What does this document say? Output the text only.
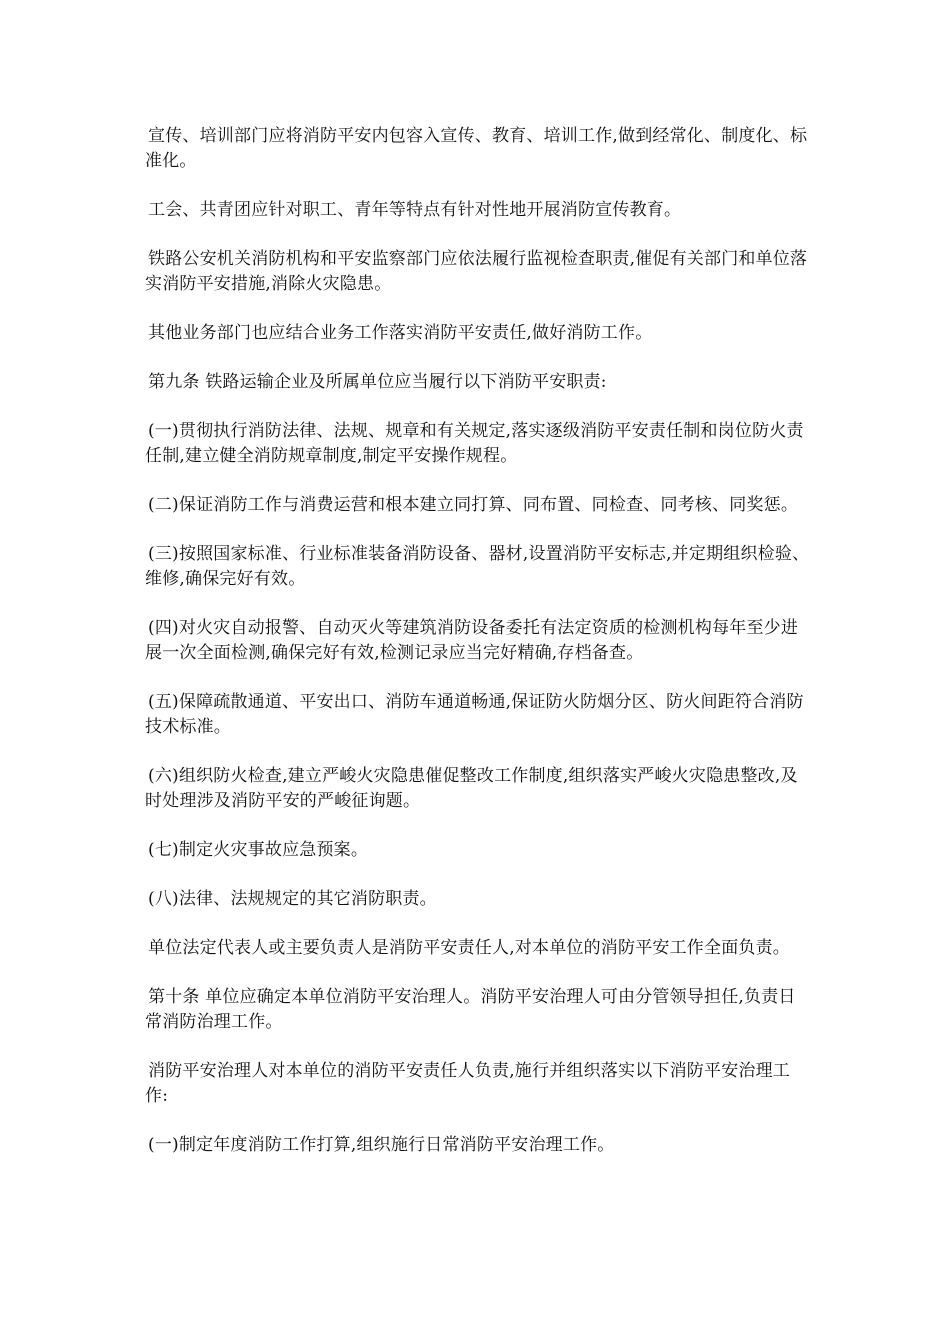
宣传、培训部门应将消防平安内包容入宣传、教育、培训工作,做到经常化、制度化、标准化。

工会、共青团应针对职工、青年等特点有针对性地开展消防宣传教育。

铁路公安机关消防机构和平安监察部门应依法履行监视检查职责,催促有关部门和单位落实消防平安措施,消除火灾隐患。

其他业务部门也应结合业务工作落实消防平安责任,做好消防工作。

第九条 铁路运输企业及所属单位应当履行以下消防平安职责:

(一)贯彻执行消防法律、法规、规章和有关规定,落实逐级消防平安责任制和岗位防火责任制,建立健全消防规章制度,制定平安操作规程。

(二)保证消防工作与消费运营和根本建立同打算、同布置、同检查、同考核、同奖惩。

(三)按照国家标准、行业标准装备消防设备、器材,设置消防平安标志,并定期组织检验、维修,确保完好有效。

(四)对火灾自动报警、自动灭火等建筑消防设备委托有法定资质的检测机构每年至少进展一次全面检测,确保完好有效,检测记录应当完好精确,存档备查。

(五)保障疏散通道、平安出口、消防车通道畅通,保证防火防烟分区、防火间距符合消防技术标准。

(六)组织防火检查,建立严峻火灾隐患催促整改工作制度,组织落实严峻火灾隐患整改,及时处理涉及消防平安的严峻征询题。

(七)制定火灾事故应急预案。

(八)法律、法规规定的其它消防职责。

单位法定代表人或主要负责人是消防平安责任人,对本单位的消防平安工作全面负责。

第十条 单位应确定本单位消防平安治理人。消防平安治理人可由分管领导担任,负责日常消防治理工作。

消防平安治理人对本单位的消防平安责任人负责,施行并组织落实以下消防平安治理工作:

(一)制定年度消防工作打算,组织施行日常消防平安治理工作。
